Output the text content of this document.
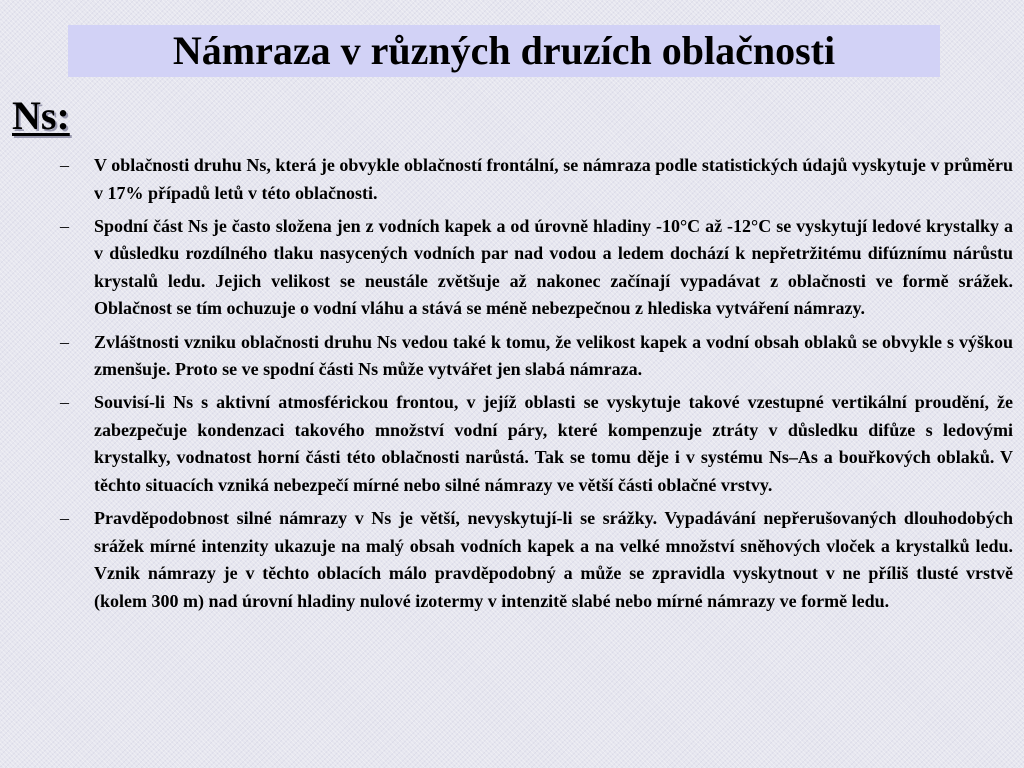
Námraza v různých druzích oblačnosti
Ns:
– V oblačnosti druhu Ns, která je obvykle oblačností frontální, se námraza podle statistických údajů vyskytuje v průměru v 17% případů letů v této oblačnosti.
– Spodní část Ns je často složena jen z vodních kapek a od úrovně hladiny -10°C až -12°C se vyskytují ledové krystalky a v důsledku rozdílného tlaku nasycených vodních par nad vodou a ledem dochází k nepřetržitému difúznímu nárůstu krystalů ledu. Jejich velikost se neustále zvětšuje až nakonec začínají vypadávat z oblačnosti ve formě srážek. Oblačnost se tím ochuzuje o vodní vláhu a stává se méně nebezpečnou z hlediska vytváření námrazy.
– Zvláštnosti vzniku oblačnosti druhu Ns vedou také k tomu, že velikost kapek a vodní obsah oblaků se obvykle s výškou zmenšuje. Proto se ve spodní části Ns může vytvářet jen slabá námraza.
– Souvisí-li Ns s aktivní atmosférickou frontou, v jejíž oblasti se vyskytuje takové vzestupné vertikální proudění, že zabezpečuje kondenzaci takového množství vodní páry, které kompenzuje ztráty v důsledku difůze s ledovými krystalky, vodnatost horní části této oblačnosti narůstá. Tak se tomu děje i v systému Ns–As a bouřkových oblaků. V těchto situacích vzniká nebezpečí mírné nebo silné námrazy ve větší části oblačné vrstvy.
– Pravděpodobnost silné námrazy v Ns je větší, nevyskytují-li se srážky. Vypadávání nepřerušovaných dlouhodobých srážek mírné intenzity ukazuje na malý obsah vodních kapek a na velké množství sněhových vloček a krystalků ledu. Vznik námrazy je v těchto oblacích málo pravděpodobný a může se zpravidla vyskytnout v ne příliš tlusté vrstvě (kolem 300 m) nad úrovní hladiny nulové izotermy v intenzitě slabé nebo mírné námrazy ve formě ledu.
